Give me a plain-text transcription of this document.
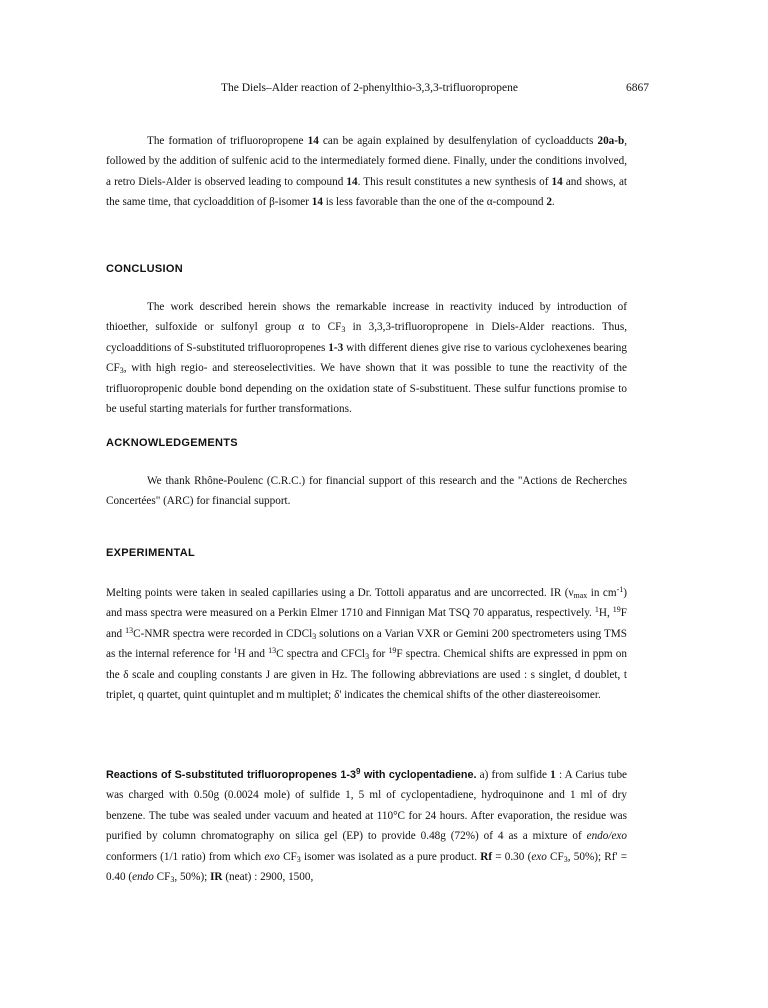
The Diels–Alder reaction of 2-phenylthio-3,3,3-trifluoropropene	6867

The formation of trifluoropropene 14 can be again explained by desulfenylation of cycloadducts 20a-b, followed by the addition of sulfenic acid to the intermediately formed diene. Finally, under the conditions involved, a retro Diels-Alder is observed leading to compound 14. This result constitutes a new synthesis of 14 and shows, at the same time, that cycloaddition of β-isomer 14 is less favorable than the one of the α-compound 2.

CONCLUSION

The work described herein shows the remarkable increase in reactivity induced by introduction of thioether, sulfoxide or sulfonyl group α to $CF_3$ in 3,3,3-trifluoropropene in Diels-Alder reactions. Thus, cycloadditions of S-substituted trifluoropropenes 1-3 with different dienes give rise to various cyclohexenes bearing $CF_3$, with high regio- and stereoselectivities. We have shown that it was possible to tune the reactivity of the trifluoropropenic double bond depending on the oxidation state of S-substituent. These sulfur functions promise to be useful starting materials for further transformations.

ACKNOWLEDGEMENTS

We thank Rhône-Poulenc (C.R.C.) for financial support of this research and the "Actions de Recherches Concertées" (ARC) for financial support.

EXPERIMENTAL

Melting points were taken in sealed capillaries using a Dr. Tottoli apparatus and are uncorrected. IR ($\nu_{max}$ in $cm^{-1}$) and mass spectra were measured on a Perkin Elmer 1710 and Finnigan Mat TSQ 70 apparatus, respectively. $^1$H, $^{19}$F and $^{13}$C-NMR spectra were recorded in CDCl$_3$ solutions on a Varian VXR or Gemini 200 spectrometers using TMS as the internal reference for $^1$H and $^{13}$C spectra and CFCl$_3$ for $^{19}$F spectra. Chemical shifts are expressed in ppm on the δ scale and coupling constants J are given in Hz. The following abbreviations are used : s singlet, d doublet, t triplet, q quartet, quint quintuplet and m multiplet; δ' indicates the chemical shifts of the other diastereoisomer.

Reactions of S-substituted trifluoropropenes $1-3^9$ with cyclopentadiene. a) from sulfide 1 : A Carius tube was charged with 0.50g (0.0024 mole) of sulfide 1, 5 ml of cyclopentadiene, hydroquinone and 1 ml of dry benzene. The tube was sealed under vacuum and heated at 110°C for 24 hours. After evaporation, the residue was purified by column chromatography on silica gel (EP) to provide 0.48g (72%) of 4 as a mixture of endo/exo conformers (1/1 ratio) from which exo $CF_3$ isomer was isolated as a pure product. Rf = 0.30 (exo $CF_3$, 50%); Rf' = 0.40 (endo $CF_3$, 50%); IR (neat) : 2900, 1500,
